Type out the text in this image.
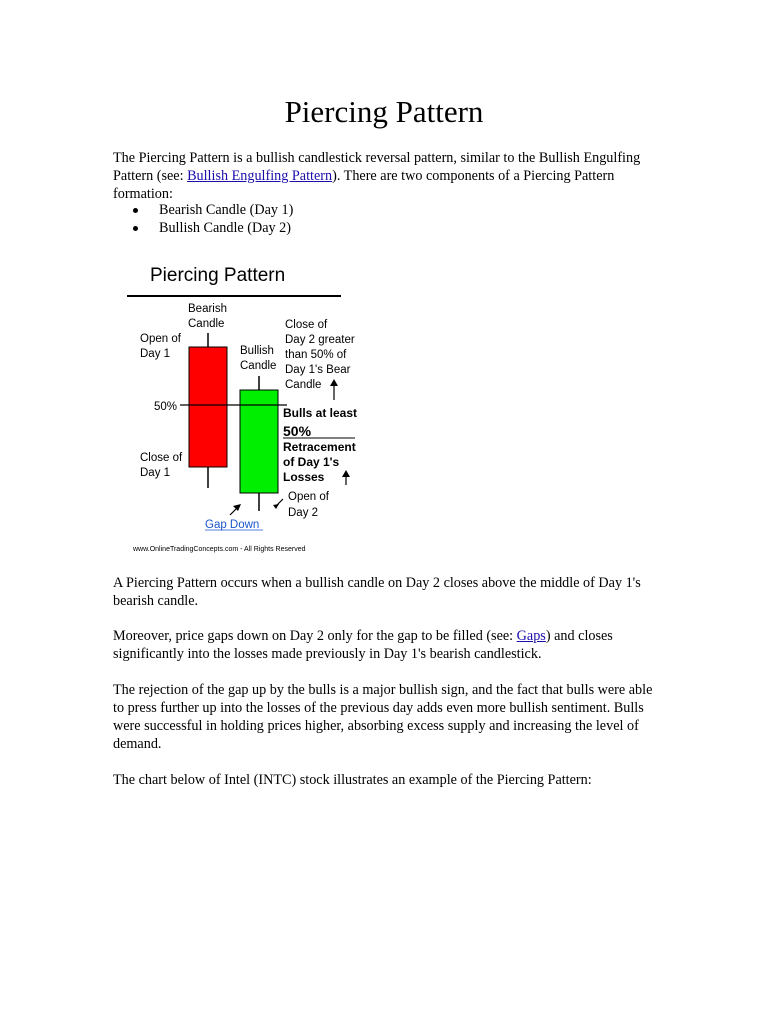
Piercing Pattern

The Piercing Pattern is a bullish candlestick reversal pattern, similar to the Bullish Engulfing Pattern (see: Bullish Engulfing Pattern). There are two components of a Piercing Pattern formation:

Bearish Candle (Day 1)
Bullish Candle (Day 2)
Piercing Pattern
Bearish Candle
Open of Day 1	Bullish Candle
Close of Day 2 greater than 50% of Day 1's Bear Candle
50%	Bulls at least 50% Retracement of Day 1's Losses
Close of Day 1
Open of Day 2
Gap Down
www.OnlineTradingConcepts.com - All Rights Reserved

A Piercing Pattern occurs when a bullish candle on Day 2 closes above the middle of Day 1's bearish candle.

Moreover, price gaps down on Day 2 only for the gap to be filled (see: Gaps) and closes significantly into the losses made previously in Day 1's bearish candlestick.

The rejection of the gap up by the bulls is a major bullish sign, and the fact that bulls were able to press further up into the losses of the previous day adds even more bullish sentiment. Bulls were successful in holding prices higher, absorbing excess supply and increasing the level of demand.

The chart below of Intel (INTC) stock illustrates an example of the Piercing Pattern:
